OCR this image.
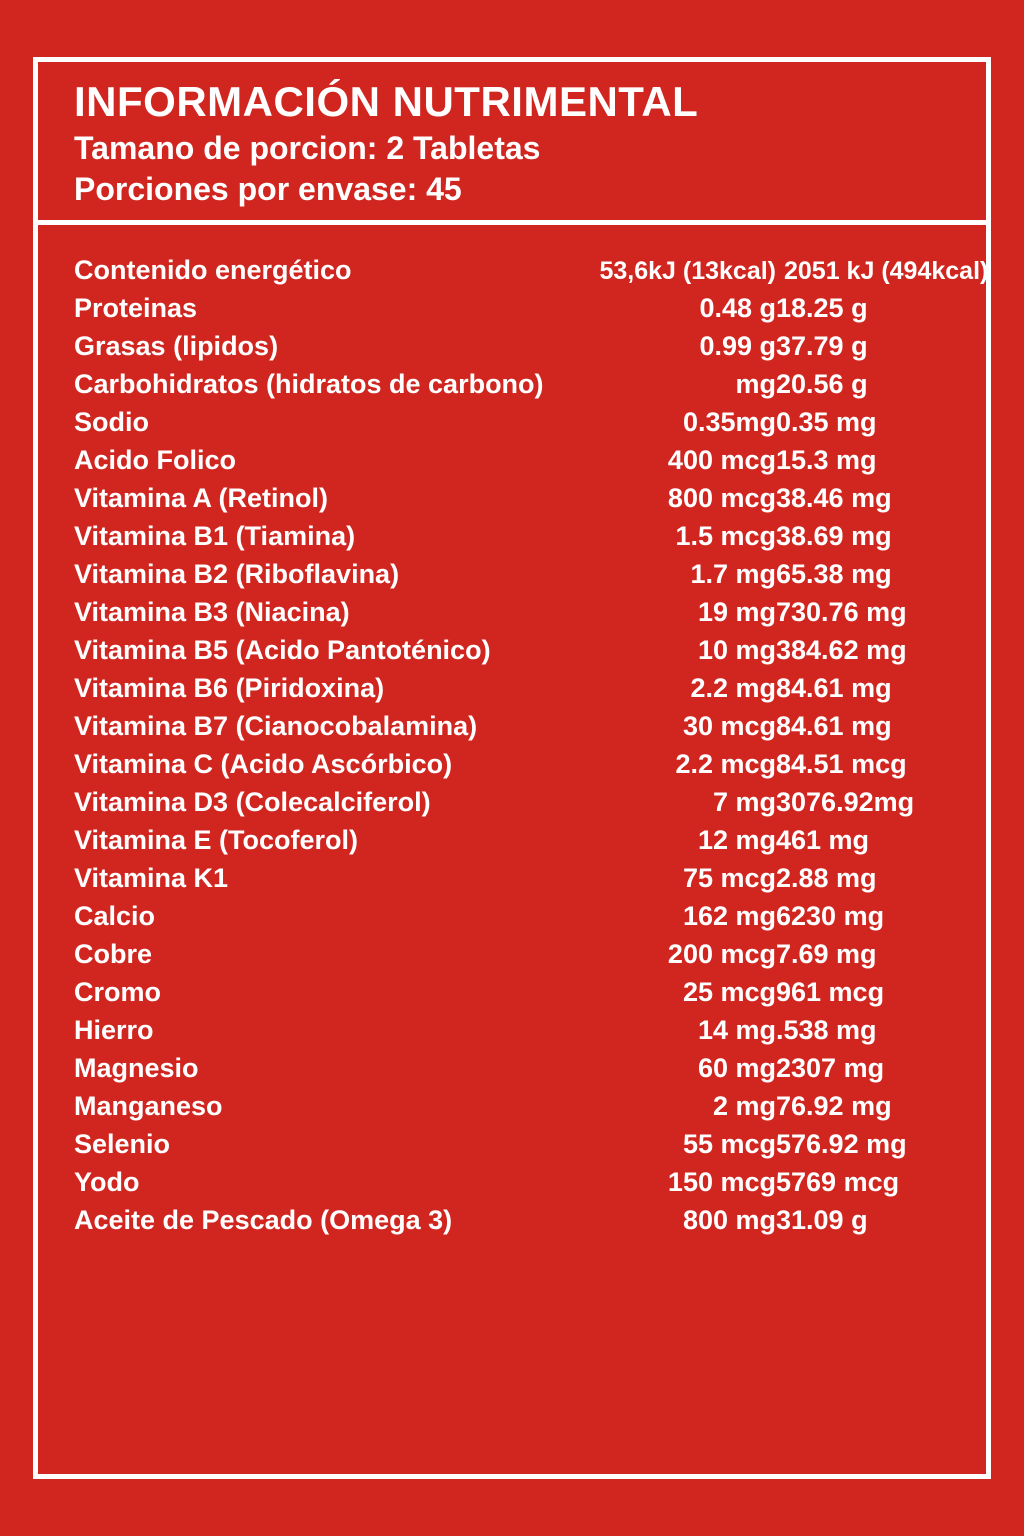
INFORMACIÓN NUTRIMENTAL
Tamano de porcion: 2 Tabletas
Porciones por envase: 45
Contenido energético	53,6kJ (13kcal)	2051 kJ (494kcal)
Proteinas	0.48 g	18.25 g
Grasas (lipidos)	0.99 g	37.79 g
Carbohidratos (hidratos de carbono)	mg	20.56 g
Sodio	0.35mg	0.35 mg
Acido Folico	400 mcg	15.3 mg
Vitamina A (Retinol)	800 mcg	38.46 mg
Vitamina B1 (Tiamina)	1.5 mcg	38.69 mg
Vitamina B2 (Riboflavina)	1.7 mg	65.38 mg
Vitamina B3 (Niacina)	19 mg	730.76 mg
Vitamina B5 (Acido Pantoténico)	10 mg	384.62 mg
Vitamina B6 (Piridoxina)	2.2 mg	84.61 mg
Vitamina B7 (Cianocobalamina)	30 mcg	84.61 mg
Vitamina C (Acido Ascórbico)	2.2 mcg	84.51 mcg
Vitamina D3 (Colecalciferol)	7 mg	3076.92mg
Vitamina E (Tocoferol)	12 mg	461 mg
Vitamina K1	75 mcg	2.88 mg
Calcio	162 mg	6230 mg
Cobre	200 mcg	7.69 mg
Cromo	25 mcg	961 mcg
Hierro	14 mg	.538 mg
Magnesio	60 mg	2307 mg
Manganeso	2 mg	76.92 mg
Selenio	55 mcg	576.92 mg
Yodo	150 mcg	5769 mcg
Aceite de Pescado (Omega 3)	800 mg	31.09 g
